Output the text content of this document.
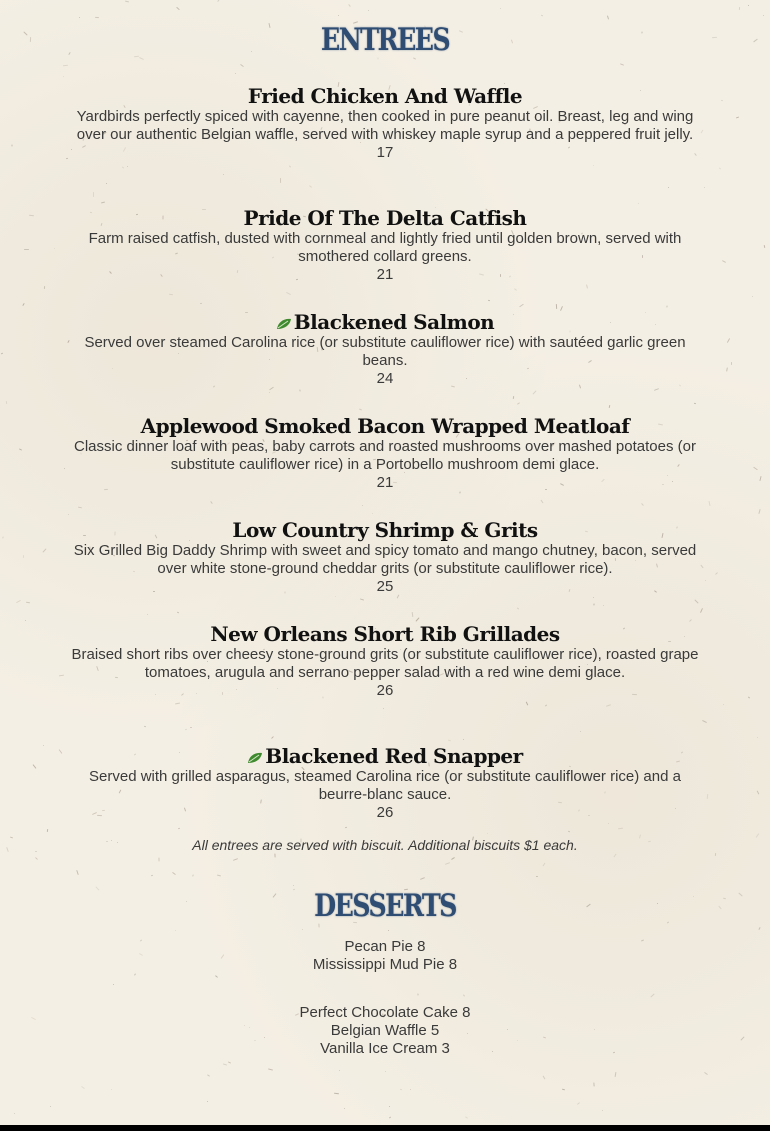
ENTREES
Fried Chicken And Waffle
Yardbirds perfectly spiced with cayenne, then cooked in pure peanut oil. Breast, leg and wing over our authentic Belgian waffle, served with whiskey maple syrup and a peppered fruit jelly.
17
Pride Of The Delta Catfish
Farm raised catfish, dusted with cornmeal and lightly fried until golden brown, served with smothered collard greens.
21
Blackened Salmon
Served over steamed Carolina rice (or substitute cauliflower rice) with sautéed garlic green beans.
24
Applewood Smoked Bacon Wrapped Meatloaf
Classic dinner loaf with peas, baby carrots and roasted mushrooms over mashed potatoes (or substitute cauliflower rice) in a Portobello mushroom demi glace.
21
Low Country Shrimp & Grits
Six Grilled Big Daddy Shrimp with sweet and spicy tomato and mango chutney, bacon, served over white stone-ground cheddar grits (or substitute cauliflower rice).
25
New Orleans Short Rib Grillades
Braised short ribs over cheesy stone-ground grits (or substitute cauliflower rice), roasted grape tomatoes, arugula and serrano pepper salad with a red wine demi glace.
26
Blackened Red Snapper
Served with grilled asparagus, steamed Carolina rice (or substitute cauliflower rice) and a beurre-blanc sauce.
26
All entrees are served with biscuit. Additional biscuits $1 each.
DESSERTS
Pecan Pie 8
Mississippi Mud Pie 8
Perfect Chocolate Cake 8
Belgian Waffle 5
Vanilla Ice Cream 3
